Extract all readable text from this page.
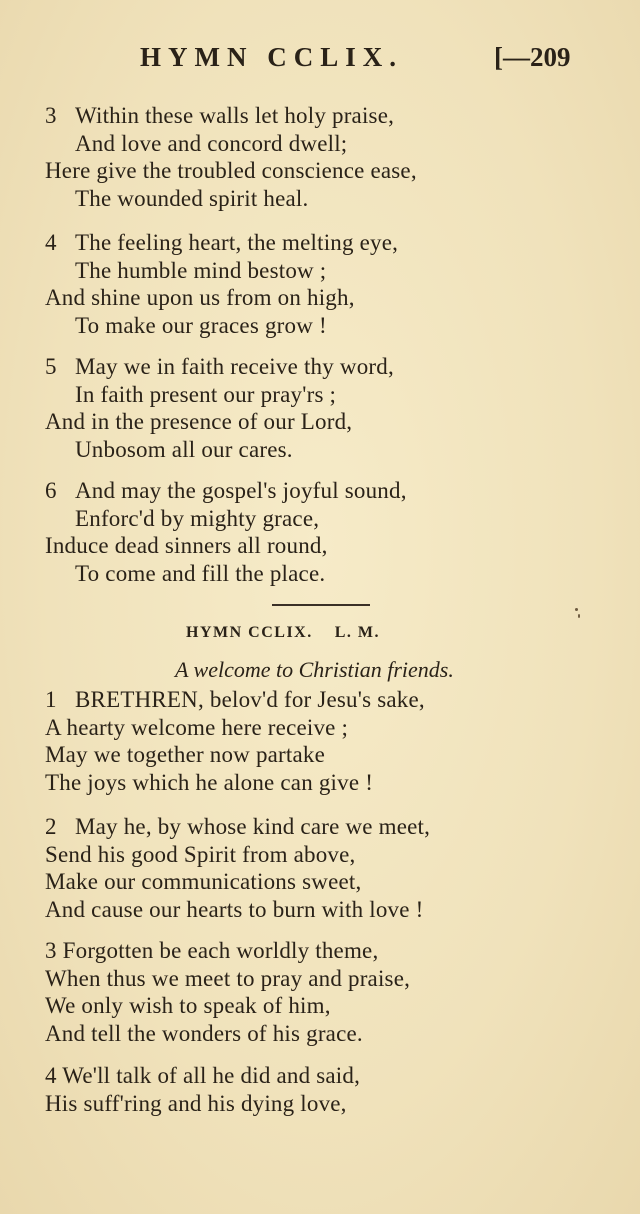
HYMN CCLIX.	[—209
3 Within these walls let holy praise,
And love and concord dwell;
Here give the troubled conscience ease,
The wounded spirit heal.
4 The feeling heart, the melting eye,
The humble mind bestow ;
And shine upon us from on high,
To make our graces grow !
5 May we in faith receive thy word,
In faith present our pray'rs ;
And in the presence of our Lord,
Unbosom all our cares.
6 And may the gospel's joyful sound,
Enforc'd by mighty grace,
Induce dead sinners all round,
To come and fill the place.
HYMN CCLIX. L. M.
A welcome to Christian friends.
1 BRETHREN, belov'd for Jesu's sake,
A hearty welcome here receive ;
May we together now partake
The joys which he alone can give !
2 May he, by whose kind care we meet,
Send his good Spirit from above,
Make our communications sweet,
And cause our hearts to burn with love !
3 Forgotten be each worldly theme,
When thus we meet to pray and praise,
We only wish to speak of him,
And tell the wonders of his grace.
4 We'll talk of all he did and said,
His suff'ring and his dying love,
